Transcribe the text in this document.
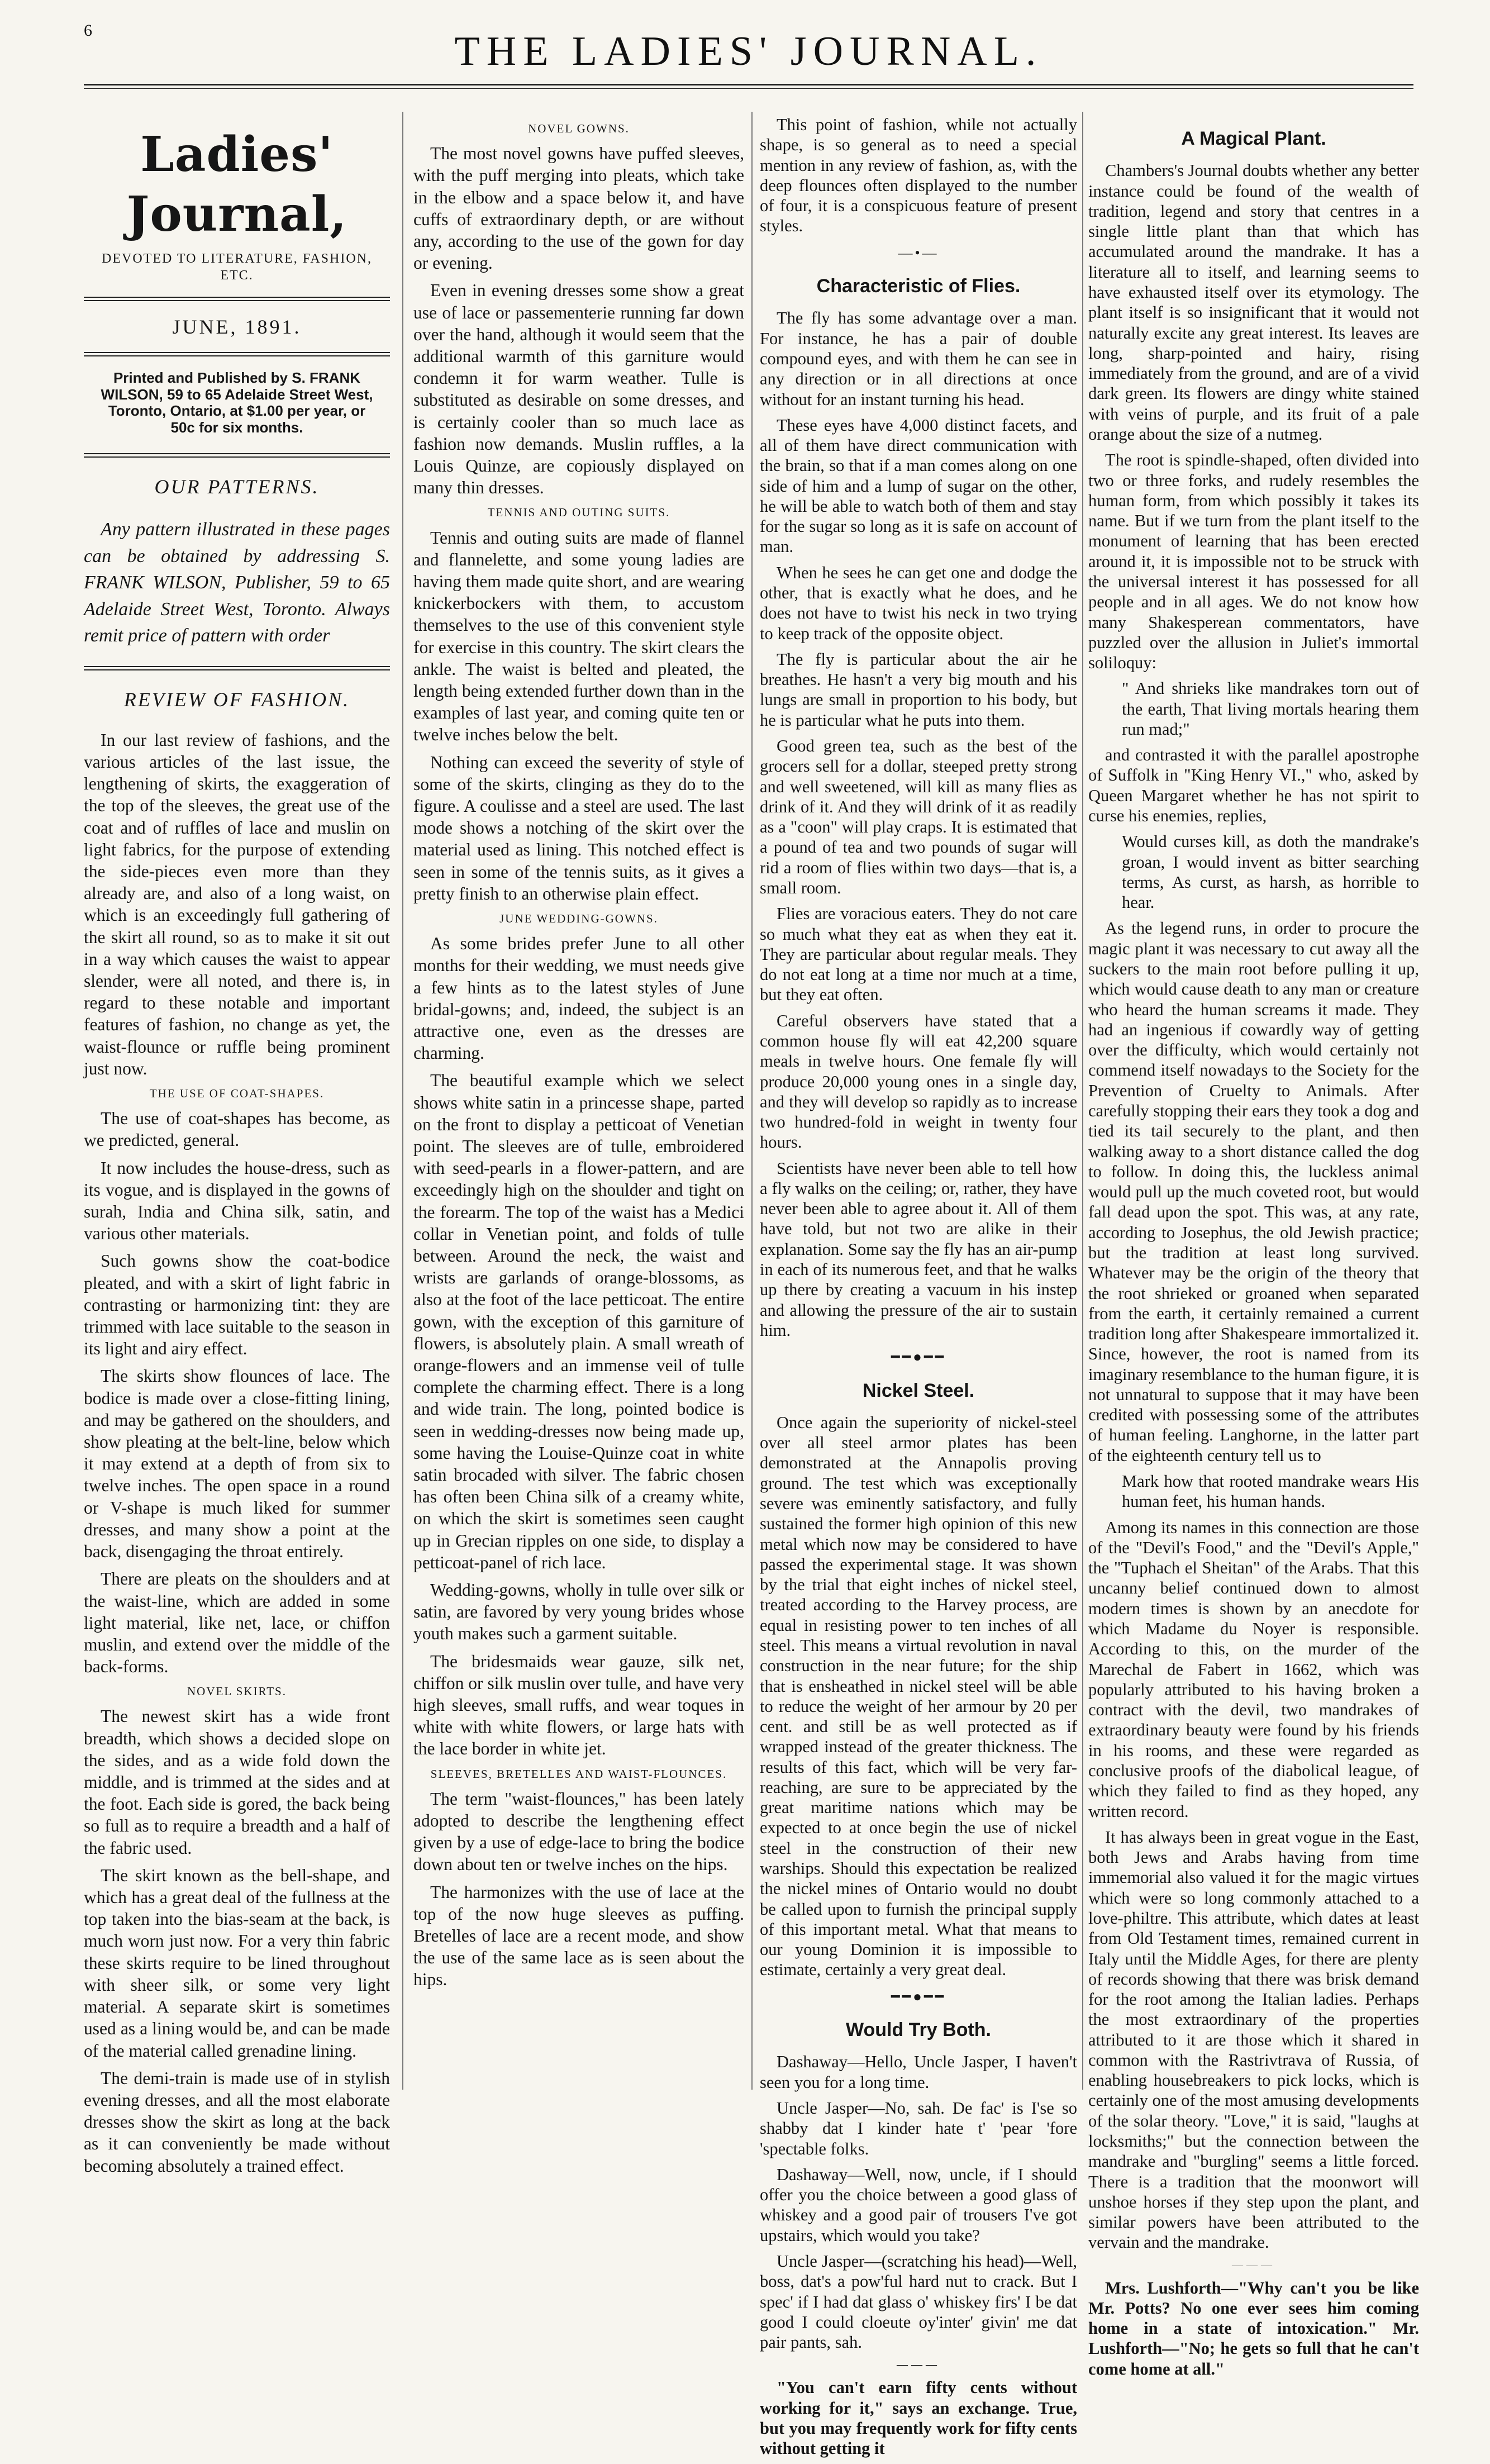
6	THE LADIES' JOURNAL.
Ladies' Journal,
DEVOTED TO LITERATURE, FASHION, ETC.
JUNE, 1891.
Printed and Published by S. FRANK WILSON, 59 to 65 Adelaide Street West, Toronto, Ontario, at $1.00 per year, or 50c for six months.
OUR PATTERNS.
Any pattern illustrated in these pages can be obtained by addressing S. FRANK WILSON, Publisher, 59 to 65 Adelaide Street West, Toronto. Always remit price of pattern with order
REVIEW OF FASHION.

In our last review of fashions, and the various articles of the last issue, the lengthening of skirts, the exaggeration of the top of the sleeves, the great use of the coat and of ruffles of lace and muslin on light fabrics, for the purpose of extending the side-pieces even more than they already are, and also of a long waist, on which is an exceedingly full gathering of the skirt all round, so as to make it sit out in a way which causes the waist to appear slender, were all noted, and there is, in regard to these notable and important features of fashion, no change as yet, the waist-flounce or ruffle being prominent just now.

THE USE OF COAT-SHAPES.

The use of coat-shapes has become, as we predicted, general.

It now includes the house-dress, such as its vogue, and is displayed in the gowns of surah, India and China silk, satin, and various other materials.

Such gowns show the coat-bodice pleated, and with a skirt of light fabric in contrasting or harmonizing tint: they are trimmed with lace suitable to the season in its light and airy effect.

The skirts show flounces of lace. The bodice is made over a close-fitting lining, and may be gathered on the shoulders, and show pleating at the belt-line, below which it may extend at a depth of from six to twelve inches. The open space in a round or V-shape is much liked for summer dresses, and many show a point at the back, disengaging the throat entirely.

There are pleats on the shoulders and at the waist-line, which are added in some light material, like net, lace, or chiffon muslin, and extend over the middle of the back-forms.

NOVEL SKIRTS.

The newest skirt has a wide front breadth, which shows a decided slope on the sides, and as a wide fold down the middle, and is trimmed at the sides and at the foot. Each side is gored, the back being so full as to require a breadth and a half of the fabric used.

The skirt known as the bell-shape, and which has a great deal of the fullness at the top taken into the bias-seam at the back, is much worn just now. For a very thin fabric these skirts require to be lined throughout with sheer silk, or some very light material. A separate skirt is sometimes used as a lining would be, and can be made of the material called grenadine lining.

The demi-train is made use of in stylish evening dresses, and all the most elaborate dresses show the skirt as long at the back as it can conveniently be made without becoming absolutely a trained effect.

NOVEL GOWNS.

The most novel gowns have puffed sleeves, with the puff merging into pleats, which take in the elbow and a space below it, and have cuffs of extraordinary depth, or are without any, according to the use of the gown for day or evening.

Even in evening dresses some show a great use of lace or passementerie running far down over the hand, although it would seem that the additional warmth of this garniture would condemn it for warm weather. Tulle is substituted as desirable on some dresses, and is certainly cooler than so much lace as fashion now demands. Muslin ruffles, a la Louis Quinze, are copiously displayed on many thin dresses.

TENNIS AND OUTING SUITS.

Tennis and outing suits are made of flannel and flannelette, and some young ladies are having them made quite short, and are wearing knickerbockers with them, to accustom themselves to the use of this convenient style for exercise in this country. The skirt clears the ankle. The waist is belted and pleated, the length being extended further down than in the examples of last year, and coming quite ten or twelve inches below the belt.

Nothing can exceed the severity of style of some of the skirts, clinging as they do to the figure. A coulisse and a steel are used. The last mode shows a notching of the skirt over the material used as lining. This notched effect is seen in some of the tennis suits, as it gives a pretty finish to an otherwise plain effect.

JUNE WEDDING-GOWNS.

As some brides prefer June to all other months for their wedding, we must needs give a few hints as to the latest styles of June bridal-gowns; and, indeed, the subject is an attractive one, even as the dresses are charming.

The beautiful example which we select shows white satin in a princesse shape, parted on the front to display a petticoat of Venetian point. The sleeves are of tulle, embroidered with seed-pearls in a flower-pattern, and are exceedingly high on the shoulder and tight on the forearm. The top of the waist has a Medici collar in Venetian point, and folds of tulle between. Around the neck, the waist and wrists are garlands of orange-blossoms, as also at the foot of the lace petticoat. The entire gown, with the exception of this garniture of flowers, is absolutely plain. A small wreath of orange-flowers and an immense veil of tulle complete the charming effect. There is a long and wide train. The long, pointed bodice is seen in wedding-dresses now being made up, some having the Louise-Quinze coat in white satin brocaded with silver. The fabric chosen has often been China silk of a creamy white, on which the skirt is sometimes seen caught up in Grecian ripples on one side, to display a petticoat-panel of rich lace.

Wedding-gowns, wholly in tulle over silk or satin, are favored by very young brides whose youth makes such a garment suitable.

The bridesmaids wear gauze, silk net, chiffon or silk muslin over tulle, and have very high sleeves, small ruffs, and wear toques in white with white flowers, or large hats with the lace border in white jet.

SLEEVES, BRETELLES AND WAIST-FLOUNCES.

The term "waist-flounces," has been lately adopted to describe the lengthening effect given by a use of edge-lace to bring the bodice down about ten or twelve inches on the hips.

The harmonizes with the use of lace at the top of the now huge sleeves as puffing. Bretelles of lace are a recent mode, and show the use of the same lace as is seen about the hips.

This point of fashion, while not actually shape, is so general as to need a special mention in any review of fashion, as, with the deep flounces often displayed to the number of four, it is a conspicuous feature of present styles.

—•—
Characteristic of Flies.

The fly has some advantage over a man. For instance, he has a pair of double compound eyes, and with them he can see in any direction or in all directions at once without for an instant turning his head.

These eyes have 4,000 distinct facets, and all of them have direct communication with the brain, so that if a man comes along on one side of him and a lump of sugar on the other, he will be able to watch both of them and stay for the sugar so long as it is safe on account of man.

When he sees he can get one and dodge the other, that is exactly what he does, and he does not have to twist his neck in two trying to keep track of the opposite object.

The fly is particular about the air he breathes. He hasn't a very big mouth and his lungs are small in proportion to his body, but he is particular what he puts into them.

Good green tea, such as the best of the grocers sell for a dollar, steeped pretty strong and well sweetened, will kill as many flies as drink of it. And they will drink of it as readily as a "coon" will play craps. It is estimated that a pound of tea and two pounds of sugar will rid a room of flies within two days—that is, a small room.

Flies are voracious eaters. They do not care so much what they eat as when they eat it. They are particular about regular meals. They do not eat long at a time nor much at a time, but they eat often.

Careful observers have stated that a common house fly will eat 42,200 square meals in twelve hours. One female fly will produce 20,000 young ones in a single day, and they will develop so rapidly as to increase two hundred-fold in weight in twenty four hours.

Scientists have never been able to tell how a fly walks on the ceiling; or, rather, they have never been able to agree about it. All of them have told, but not two are alike in their explanation. Some say the fly has an air-pump in each of its numerous feet, and that he walks up there by creating a vacuum in his instep and allowing the pressure of the air to sustain him.

━━●━━
Nickel Steel.

Once again the superiority of nickel-steel over all steel armor plates has been demonstrated at the Annapolis proving ground. The test which was exceptionally severe was eminently satisfactory, and fully sustained the former high opinion of this new metal which now may be considered to have passed the experimental stage. It was shown by the trial that eight inches of nickel steel, treated according to the Harvey process, are equal in resisting power to ten inches of all steel. This means a virtual revolution in naval construction in the near future; for the ship that is ensheathed in nickel steel will be able to reduce the weight of her armour by 20 per cent. and still be as well protected as if wrapped instead of the greater thickness. The results of this fact, which will be very far-reaching, are sure to be appreciated by the great maritime nations which may be expected to at once begin the use of nickel steel in the construction of their new warships. Should this expectation be realized the nickel mines of Ontario would no doubt be called upon to furnish the principal supply of this important metal. What that means to our young Dominion it is impossible to estimate, certainly a very great deal.

━━●━━
Would Try Both.

Dashaway—Hello, Uncle Jasper, I haven't seen you for a long time.

Uncle Jasper—No, sah. De fac' is I'se so shabby dat I kinder hate t' 'pear 'fore 'spectable folks.

Dashaway—Well, now, uncle, if I should offer you the choice between a good glass of whiskey and a good pair of trousers I've got upstairs, which would you take?

Uncle Jasper—(scratching his head)—Well, boss, dat's a pow'ful hard nut to crack. But I spec' if I had dat glass o' whiskey firs' I be dat good I could cloeute oy'inter' givin' me dat pair pants, sah.

———

"You can't earn fifty cents without working for it," says an exchange. True, but you may frequently work for fifty cents without getting it

A Magical Plant.

Chambers's Journal doubts whether any better instance could be found of the wealth of tradition, legend and story that centres in a single little plant than that which has accumulated around the mandrake. It has a literature all to itself, and learning seems to have exhausted itself over its etymology. The plant itself is so insignificant that it would not naturally excite any great interest. Its leaves are long, sharp-pointed and hairy, rising immediately from the ground, and are of a vivid dark green. Its flowers are dingy white stained with veins of purple, and its fruit of a pale orange about the size of a nutmeg.

The root is spindle-shaped, often divided into two or three forks, and rudely resembles the human form, from which possibly it takes its name. But if we turn from the plant itself to the monument of learning that has been erected around it, it is impossible not to be struck with the universal interest it has possessed for all people and in all ages. We do not know how many Shakesperean commentators, have puzzled over the allusion in Juliet's immortal soliloquy:

" And shrieks like mandrakes torn out of the earth, That living mortals hearing them run mad;"

and contrasted it with the parallel apostrophe of Suffolk in "King Henry VI.," who, asked by Queen Margaret whether he has not spirit to curse his enemies, replies,

Would curses kill, as doth the mandrake's groan, I would invent as bitter searching terms, As curst, as harsh, as horrible to hear.

As the legend runs, in order to procure the magic plant it was necessary to cut away all the suckers to the main root before pulling it up, which would cause death to any man or creature who heard the human screams it made. They had an ingenious if cowardly way of getting over the difficulty, which would certainly not commend itself nowadays to the Society for the Prevention of Cruelty to Animals. After carefully stopping their ears they took a dog and tied its tail securely to the plant, and then walking away to a short distance called the dog to follow. In doing this, the luckless animal would pull up the much coveted root, but would fall dead upon the spot. This was, at any rate, according to Josephus, the old Jewish practice; but the tradition at least long survived. Whatever may be the origin of the theory that the root shrieked or groaned when separated from the earth, it certainly remained a current tradition long after Shakespeare immortalized it. Since, however, the root is named from its imaginary resemblance to the human figure, it is not unnatural to suppose that it may have been credited with possessing some of the attributes of human feeling. Langhorne, in the latter part of the eighteenth century tell us to

Mark how that rooted mandrake wears His human feet, his human hands.

Among its names in this connection are those of the "Devil's Food," and the "Devil's Apple," the "Tuphach el Sheitan" of the Arabs. That this uncanny belief continued down to almost modern times is shown by an anecdote for which Madame du Noyer is responsible. According to this, on the murder of the Marechal de Fabert in 1662, which was popularly attributed to his having broken a contract with the devil, two mandrakes of extraordinary beauty were found by his friends in his rooms, and these were regarded as conclusive proofs of the diabolical league, of which they failed to find as they hoped, any written record.

It has always been in great vogue in the East, both Jews and Arabs having from time immemorial also valued it for the magic virtues which were so long commonly attached to a love-philtre. This attribute, which dates at least from Old Testament times, remained current in Italy until the Middle Ages, for there are plenty of records showing that there was brisk demand for the root among the Italian ladies. Perhaps the most extraordinary of the properties attributed to it are those which it shared in common with the Rastrivtrava of Russia, of enabling housebreakers to pick locks, which is certainly one of the most amusing developments of the solar theory. "Love," it is said, "laughs at locksmiths;" but the connection between the mandrake and "burgling" seems a little forced. There is a tradition that the moonwort will unshoe horses if they step upon the plant, and similar powers have been attributed to the vervain and the mandrake.

———

Mrs. Lushforth—"Why can't you be like Mr. Potts? No one ever sees him coming home in a state of intoxication." Mr. Lushforth—"No; he gets so full that he can't come home at all."
